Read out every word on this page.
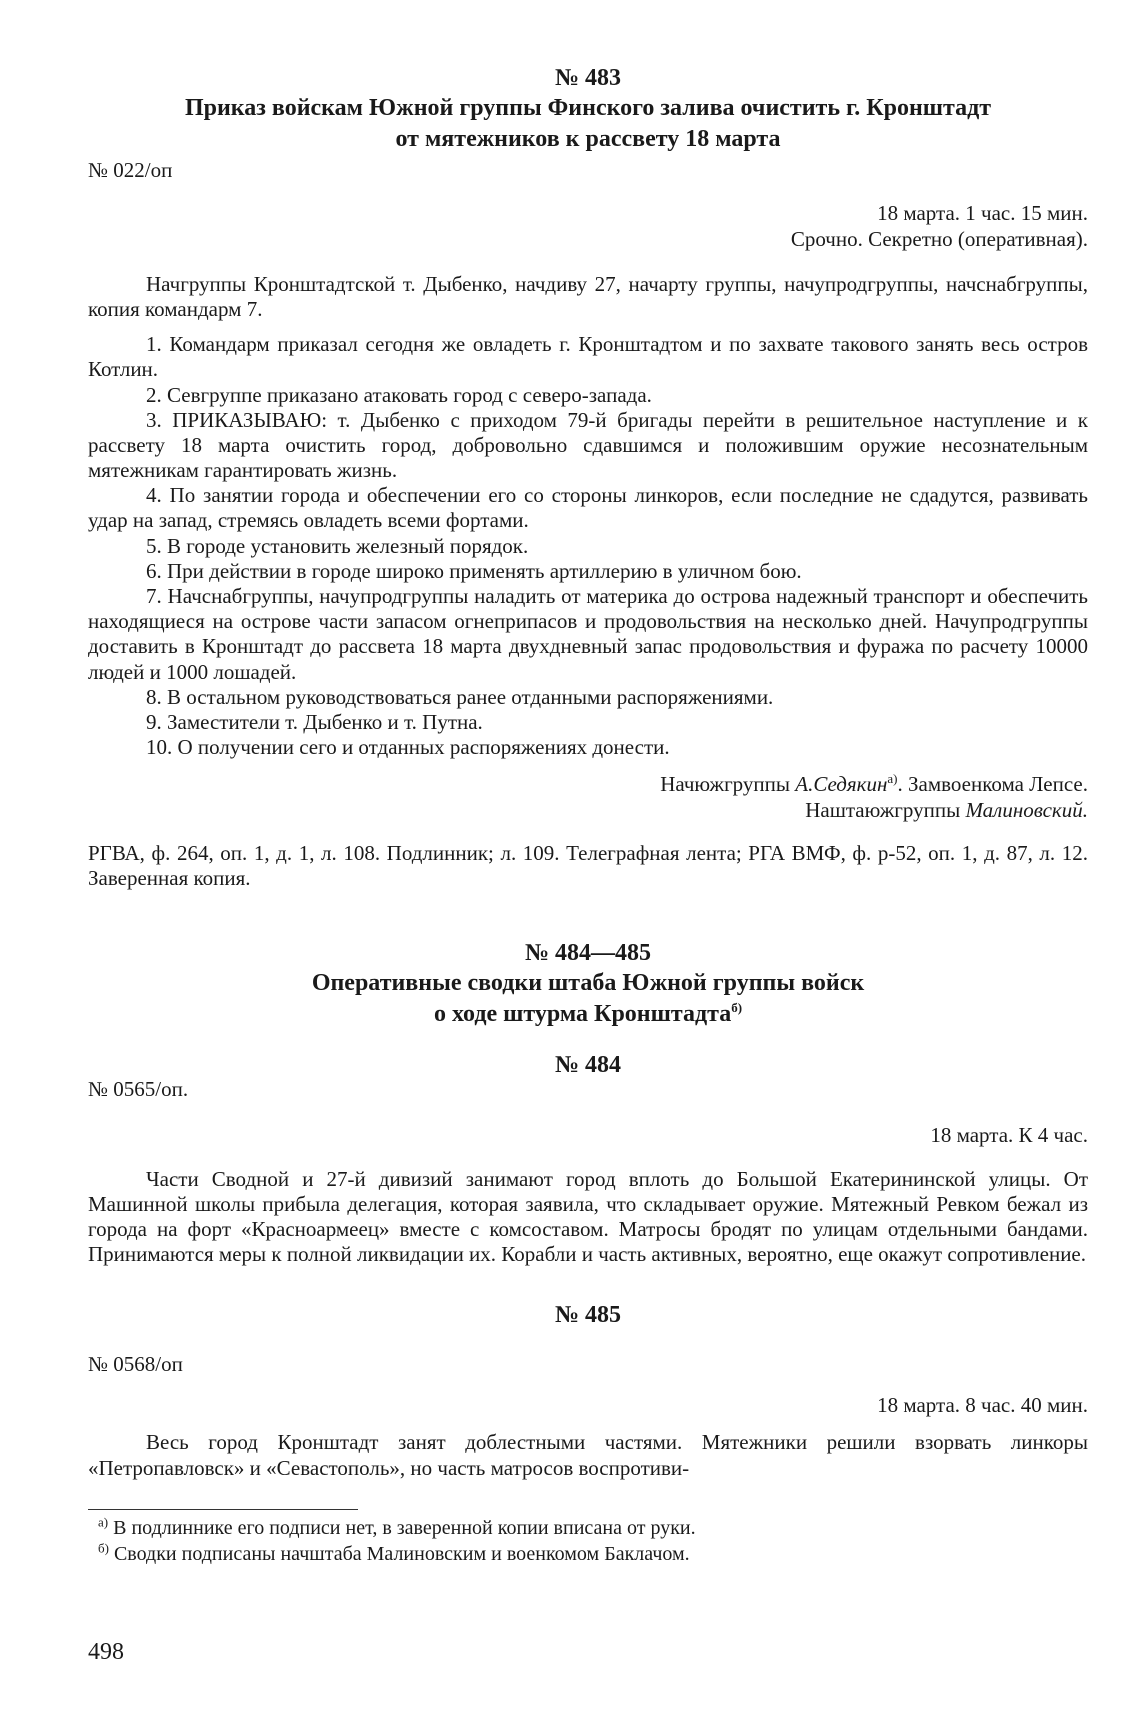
№ 483

Приказ войскам Южной группы Финского залива очистить г. Кронштадт

от мятежников к рассвету 18 марта

№ 022/оп

18 марта. 1 час. 15 мин.

Срочно. Секретно (оперативная).

Начгруппы Кронштадтской т. Дыбенко, начдиву 27, начарту группы, начупродгруппы, начснабгруппы, копия командарм 7.

1. Командарм приказал сегодня же овладеть г. Кронштадтом и по захвате такового занять весь остров Котлин.

2. Севгруппе приказано атаковать город с северо-запада.

3. ПРИКАЗЫВАЮ: т. Дыбенко с приходом 79-й бригады перейти в решительное наступление и к рассвету 18 марта очистить город, добровольно сдавшимся и положившим оружие несознательным мятежникам гарантировать жизнь.

4. По занятии города и обеспечении его со стороны линкоров, если последние не сдадутся, развивать удар на запад, стремясь овладеть всеми фортами.

5. В городе установить железный порядок.

6. При действии в городе широко применять артиллерию в уличном бою.

7. Начснабгруппы, начупродгруппы наладить от материка до острова надежный транспорт и обеспечить находящиеся на острове части запасом огнеприпасов и продовольствия на несколько дней. Начупродгруппы доставить в Кронштадт до рассвета 18 марта двухдневный запас продовольствия и фуража по расчету 10000 людей и 1000 лошадей.

8. В остальном руководствоваться ранее отданными распоряжениями.

9. Заместители т. Дыбенко и т. Путна.

10. О получении сего и отданных распоряжениях донести.

Начюжгруппы А.Седякин$^{а)}$. Замвоенкома Лепсе.

Наштаюжгруппы Малиновский.

РГВА, ф. 264, оп. 1, д. 1, л. 108. Подлинник; л. 109. Телеграфная лента; РГА ВМФ, ф. р-52, оп. 1, д. 87, л. 12. Заверенная копия.

№ 484—485

Оперативные сводки штаба Южной группы войск

о ходе штурма Кронштадта$^{б)}$

№ 484
№ 0565/оп.

18 марта. К 4 час.

Части Сводной и 27-й дивизий занимают город вплоть до Большой Екатерининской улицы. От Машинной школы прибыла делегация, которая заявила, что складывает оружие. Мятежный Ревком бежал из города на форт «Красноармеец» вместе с комсоставом. Матросы бродят по улицам отдельными бандами. Принимаются меры к полной ликвидации их. Корабли и часть активных, вероятно, еще окажут сопротивление.

№ 485

№ 0568/оп

18 марта. 8 час. 40 мин.

Весь город Кронштадт занят доблестными частями. Мятежники решили взорвать линкоры «Петропавловск» и «Севастополь», но часть матросов воспротиви-

$^{а)}$ В подлиннике его подписи нет, в заверенной копии вписана от руки.

$^{б)}$ Сводки подписаны начштаба Малиновским и военкомом Баклачом.

498
